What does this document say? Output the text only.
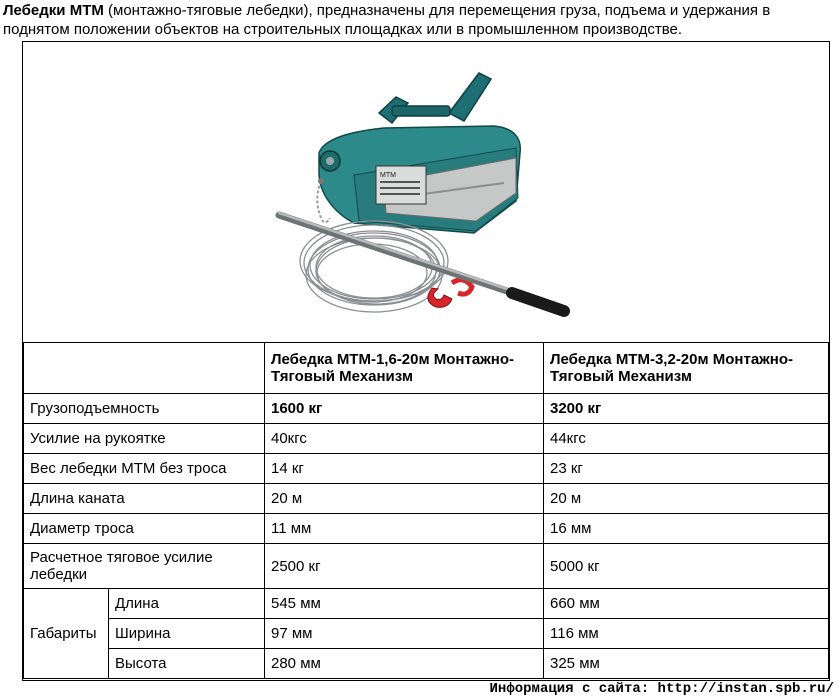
Лебедки МТМ (монтажно-тяговые лебедки), предназначены для перемещения груза, подъема и удержания в поднятом положении объектов на строительных площадках или в промышленном производстве.
MTM
		Лебедка МТМ-1,6-20м Монтажно-Тяговый Механизм	Лебедка МТМ-3,2-20м Монтажно-Тяговый Механизм
Грузоподъемность		1600 кг	3200 кг
Усилие на рукоятке		40кгс	44кгс
Вес лебедки МТМ без троса		14 кг	23 кг
Длина каната		20 м	20 м
Диаметр троса		11 мм	16 мм
Расчетное тяговое усилие лебедки		2500 кг	5000 кг
Габариты	Длина	545 мм	660 мм
	Ширина	97 мм	116 мм
	Высота	280 мм	325 мм
Информация с сайта: http://instan.spb.ru/
